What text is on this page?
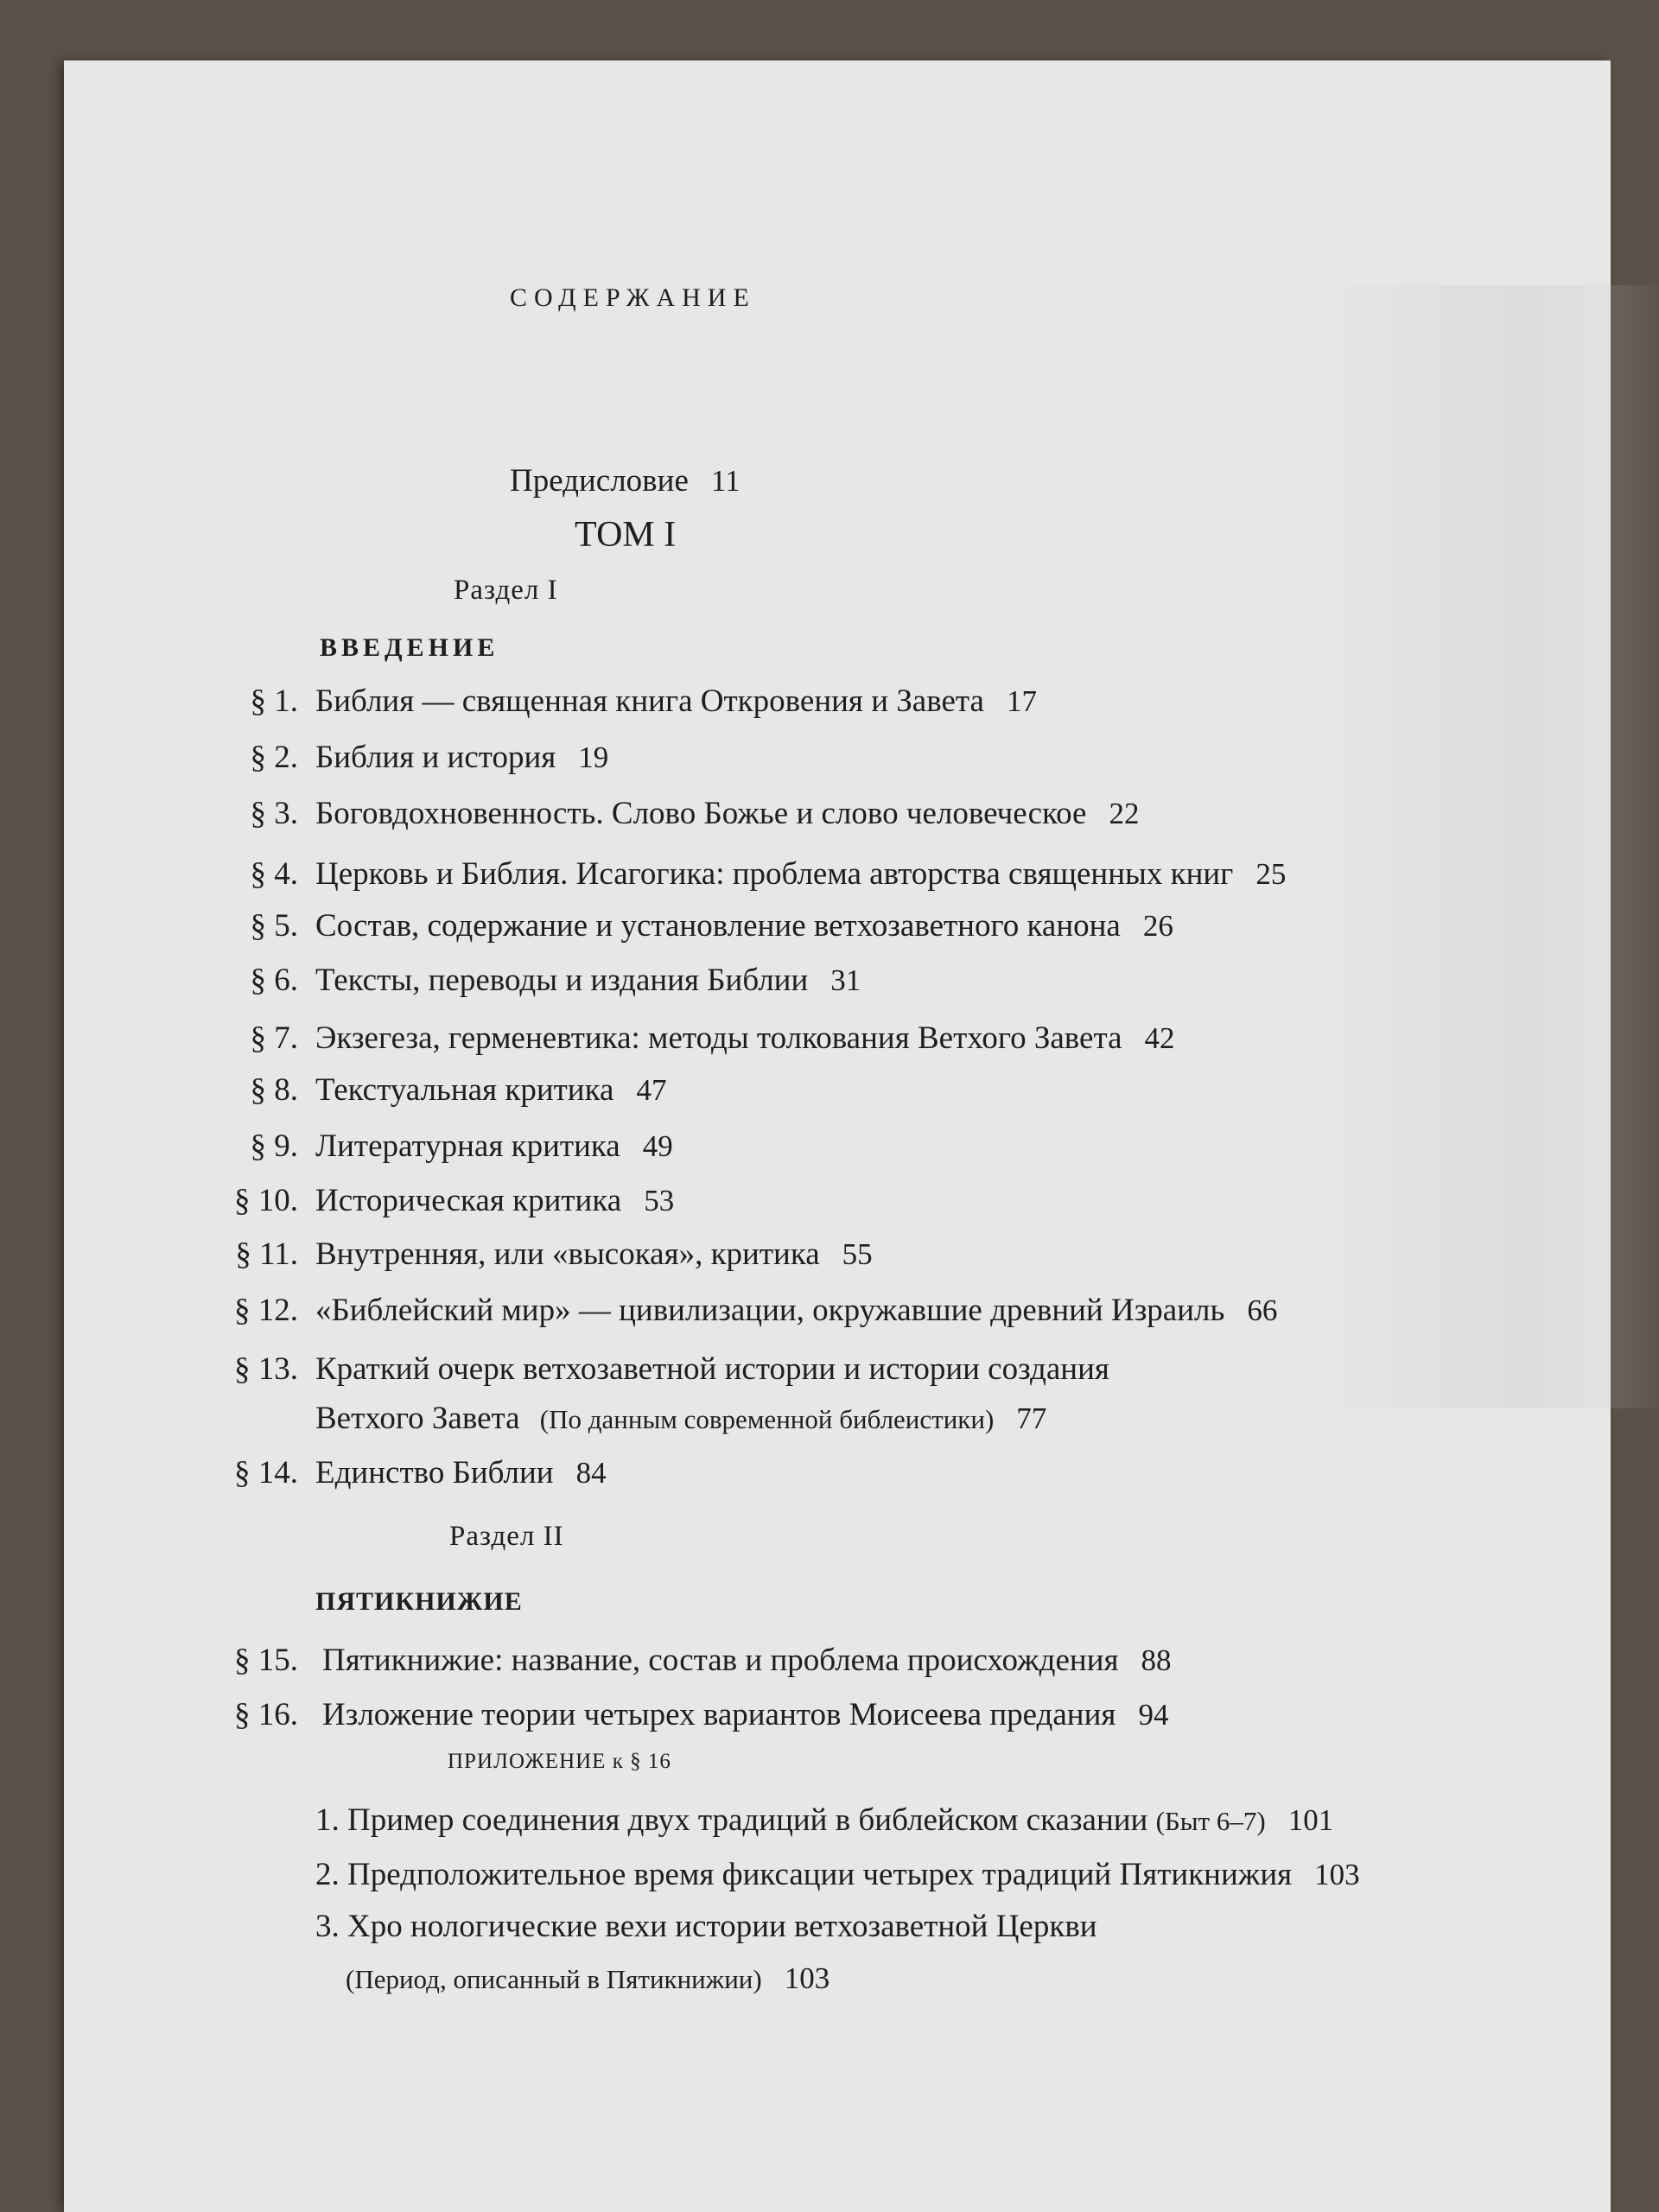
СОДЕРЖАНИЕ
Предисловие 11
ТОМ I
Раздел I
ВВЕДЕНИЕ
§ 1. Библия — священная книга Откровения и Завета 17
§ 2. Библия и история 19
§ 3. Боговдохновенность. Слово Божье и слово человеческое 22
§ 4. Церковь и Библия. Исагогика: проблема авторства священных книг 25
§ 5. Состав, содержание и установление ветхозаветного канона 26
§ 6. Тексты, переводы и издания Библии 31
§ 7. Экзегеза, герменевтика: методы толкования Ветхого Завета 42
§ 8. Текстуальная критика 47
§ 9. Литературная критика 49
§ 10. Историческая критика 53
§ 11. Внутренняя, или «высокая», критика 55
§ 12. «Библейский мир» — цивилизации, окружавшие древний Израиль 66
§ 13. Краткий очерк ветхозаветной истории и истории создания
Ветхого Завета (По данным современной библеистики) 77
§ 14. Единство Библии 84
Раздел II
ПЯТИКНИЖИЕ
§ 15. Пятикнижие: название, состав и проблема происхождения 88
§ 16. Изложение теории четырех вариантов Моисеева предания 94
ПРИЛОЖЕНИЕ к § 16
1. Пример соединения двух традиций в библейском сказании (Быт 6–7) 101
2. Предположительное время фиксации четырех традиций Пятикнижия 103
3. Хро нологические вехи истории ветхозаветной Церкви
(Период, описанный в Пятикнижии) 103
